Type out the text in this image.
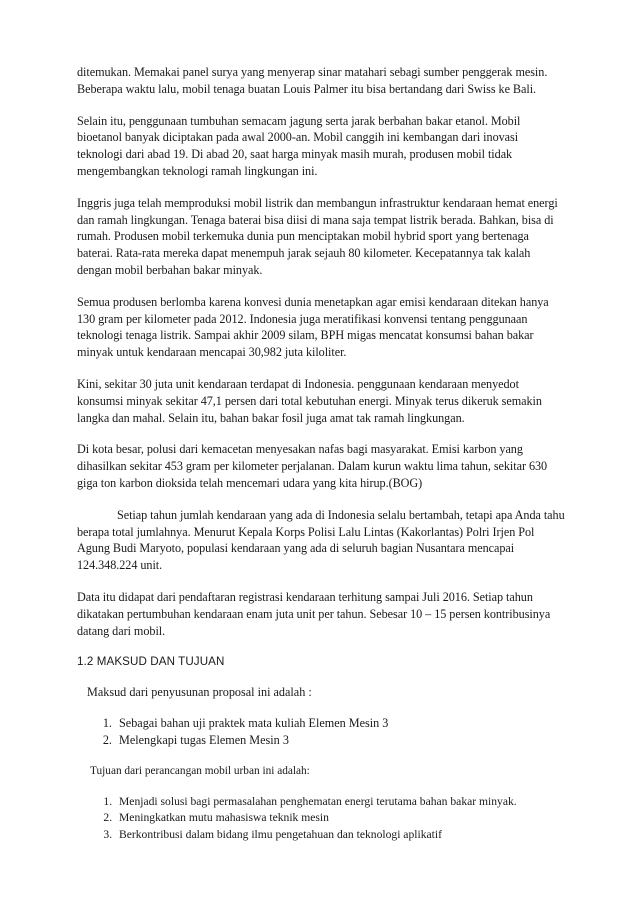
ditemukan. Memakai panel surya yang menyerap sinar matahari sebagi sumber penggerak mesin. Beberapa waktu lalu, mobil tenaga buatan Louis Palmer itu bisa bertandang dari Swiss ke Bali.

Selain itu, penggunaan tumbuhan semacam jagung serta jarak berbahan bakar etanol. Mobil bioetanol banyak diciptakan pada awal 2000-an. Mobil canggih ini kembangan dari inovasi teknologi dari abad 19. Di abad 20, saat harga minyak masih murah, produsen mobil tidak mengembangkan teknologi ramah lingkungan ini.

Inggris juga telah memproduksi mobil listrik dan membangun infrastruktur kendaraan hemat energi dan ramah lingkungan. Tenaga baterai bisa diisi di mana saja tempat listrik berada. Bahkan, bisa di rumah. Produsen mobil terkemuka dunia pun menciptakan mobil hybrid sport yang bertenaga baterai. Rata-rata mereka dapat menempuh jarak sejauh 80 kilometer. Kecepatannya tak kalah dengan mobil berbahan bakar minyak.

Semua produsen berlomba karena konvesi dunia menetapkan agar emisi kendaraan ditekan hanya 130 gram per kilometer pada 2012. Indonesia juga meratifikasi konvensi tentang penggunaan teknologi tenaga listrik. Sampai akhir 2009 silam, BPH migas mencatat konsumsi bahan bakar minyak untuk kendaraan mencapai 30,982 juta kiloliter.

Kini, sekitar 30 juta unit kendaraan terdapat di Indonesia. penggunaan kendaraan menyedot konsumsi minyak sekitar 47,1 persen dari total kebutuhan energi. Minyak terus dikeruk semakin langka dan mahal. Selain itu, bahan bakar fosil juga amat tak ramah lingkungan.

Di kota besar, polusi dari kemacetan menyesakan nafas bagi masyarakat. Emisi karbon yang dihasilkan sekitar 453 gram per kilometer perjalanan. Dalam kurun waktu lima tahun, sekitar 630 giga ton karbon dioksida telah mencemari udara yang kita hirup.(BOG)

Setiap tahun jumlah kendaraan yang ada di Indonesia selalu bertambah, tetapi apa Anda tahu berapa total jumlahnya. Menurut Kepala Korps Polisi Lalu Lintas (Kakorlantas) Polri Irjen Pol Agung Budi Maryoto, populasi kendaraan yang ada di seluruh bagian Nusantara mencapai 124.348.224 unit.

Data itu didapat dari pendaftaran registrasi kendaraan terhitung sampai Juli 2016. Setiap tahun dikatakan pertumbuhan kendaraan enam juta unit per tahun. Sebesar 10 – 15 persen kontribusinya datang dari mobil.

1.2 MAKSUD DAN TUJUAN
Maksud dari penyusunan proposal ini adalah :
1. Sebagai bahan uji praktek mata kuliah Elemen Mesin 3
2. Melengkapi tugas Elemen Mesin 3
Tujuan dari perancangan mobil urban ini adalah:
1. Menjadi solusi bagi permasalahan penghematan energi terutama bahan bakar minyak.
2. Meningkatkan mutu mahasiswa teknik mesin
3. Berkontribusi dalam bidang ilmu pengetahuan dan teknologi aplikatif
